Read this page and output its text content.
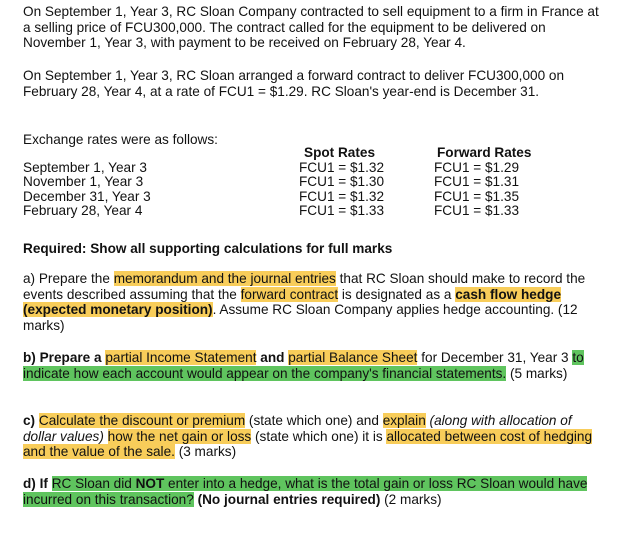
On September 1, Year 3, RC Sloan Company contracted to sell equipment to a firm in France at a selling price of FCU300,000. The contract called for the equipment to be delivered on November 1, Year 3, with payment to be received on February 28, Year 4.

On September 1, Year 3, RC Sloan arranged a forward contract to deliver FCU300,000 on February 28, Year 4, at a rate of FCU1 = $1.29. RC Sloan's year-end is December 31.

Exchange rates were as follows:

	Spot Rates	Forward Rates
September 1, Year 3	FCU1 = $1.32	FCU1 = $1.29
November 1, Year 3	FCU1 = $1.30	FCU1 = $1.31
December 31, Year 3	FCU1 = $1.32	FCU1 = $1.35
February 28, Year 4	FCU1 = $1.33	FCU1 = $1.33

Required: Show all supporting calculations for full marks

a) Prepare the memorandum and the journal entries that RC Sloan should make to record the events described assuming that the forward contract is designated as a cash flow hedge (expected monetary position). Assume RC Sloan Company applies hedge accounting. (12 marks)

b) Prepare a partial Income Statement and partial Balance Sheet for December 31, Year 3 to indicate how each account would appear on the company's financial statements. (5 marks)

c) Calculate the discount or premium (state which one) and explain (along with allocation of dollar values) how the net gain or loss (state which one) it is allocated between cost of hedging and the value of the sale. (3 marks)

d) If RC Sloan did NOT enter into a hedge, what is the total gain or loss RC Sloan would have incurred on this transaction? (No journal entries required) (2 marks)
